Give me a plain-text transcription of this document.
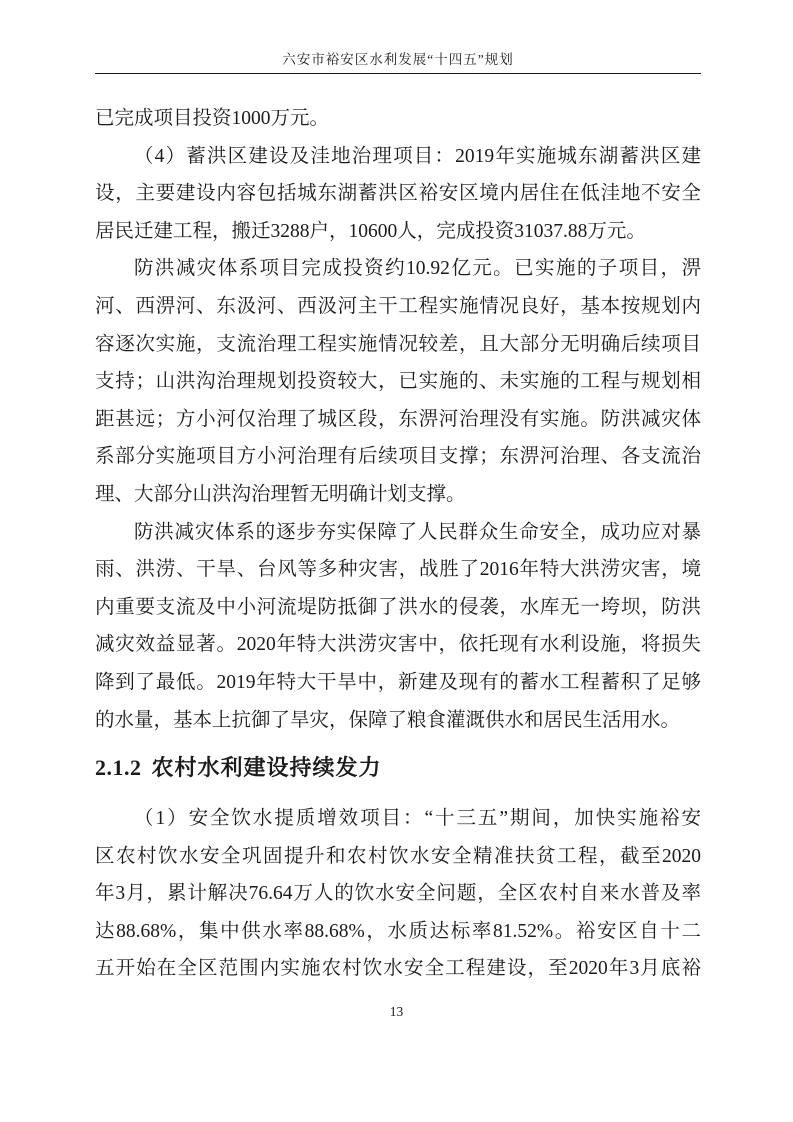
六安市裕安区水利发展“十四五”规划
已完成项目投资1000万元。
（4）蓄洪区建设及洼地治理项目：2019年实施城东湖蓄洪区建
设，主要建设内容包括城东湖蓄洪区裕安区境内居住在低洼地不安全
居民迁建工程，搬迁3288户，10600人，完成投资31037.88万元。
防洪减灾体系项目完成投资约10.92亿元。已实施的子项目，淠
河、西淠河、东汲河、西汲河主干工程实施情况良好，基本按规划内
容逐次实施，支流治理工程实施情况较差，且大部分无明确后续项目
支持；山洪沟治理规划投资较大，已实施的、未实施的工程与规划相
距甚远；方小河仅治理了城区段，东淠河治理没有实施。防洪减灾体
系部分实施项目方小河治理有后续项目支撑；东淠河治理、各支流治
理、大部分山洪沟治理暂无明确计划支撑。
防洪减灾体系的逐步夯实保障了人民群众生命安全，成功应对暴
雨、洪涝、干旱、台风等多种灾害，战胜了2016年特大洪涝灾害，境
内重要支流及中小河流堤防抵御了洪水的侵袭，水库无一垮坝，防洪
减灾效益显著。2020年特大洪涝灾害中，依托现有水利设施，将损失
降到了最低。2019年特大干旱中，新建及现有的蓄水工程蓄积了足够
的水量，基本上抗御了旱灾，保障了粮食灌溉供水和居民生活用水。
2.1.2 农村水利建设持续发力
（1）安全饮水提质增效项目：“十三五”期间，加快实施裕安
区农村饮水安全巩固提升和农村饮水安全精准扶贫工程，截至2020
年3月，累计解决76.64万人的饮水安全问题，全区农村自来水普及率
达88.68%，集中供水率88.68%，水质达标率81.52%。裕安区自十二
五开始在全区范围内实施农村饮水安全工程建设，至2020年3月底裕
13
